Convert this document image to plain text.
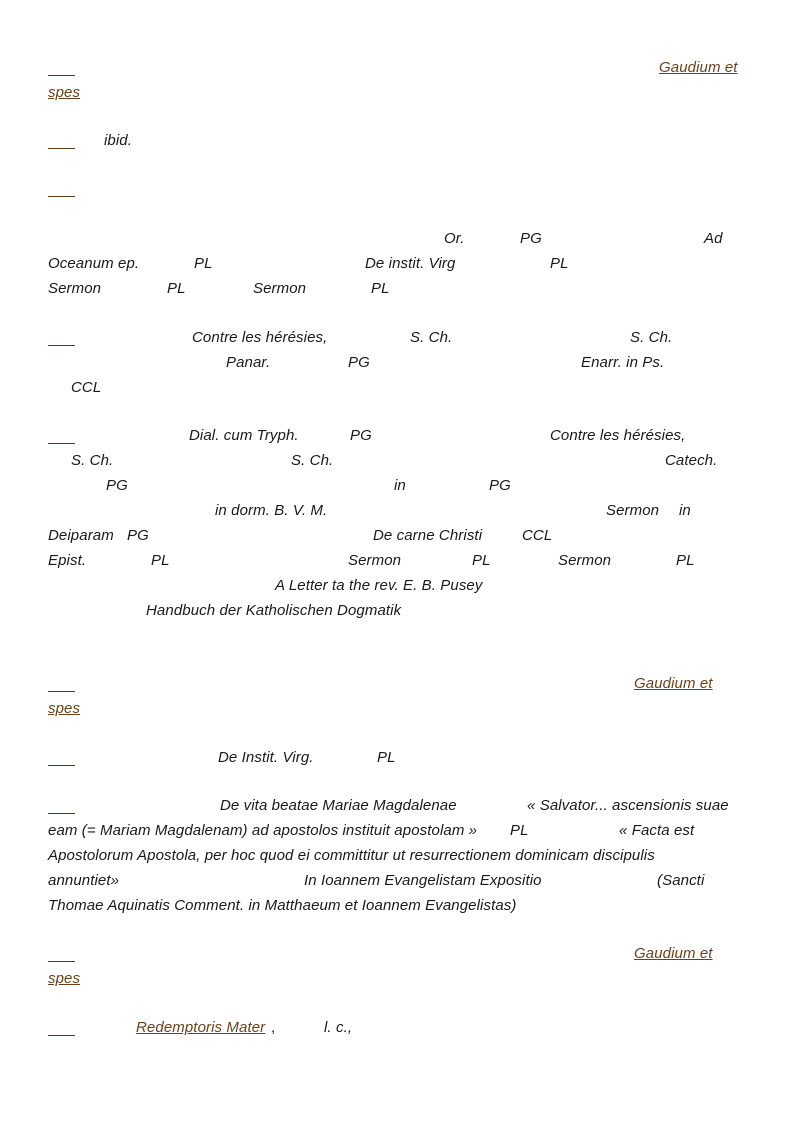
Gaudium et
spes
ibid.
Or.	PG	Ad
Oceanum ep.	PL	De instit. Virg	PL
Sermon	PL	Sermon	PL
Contre les hérésies,	S. Ch.	S. Ch.
Panar.	PG	Enarr. in Ps.
CCL
Dial. cum Tryph.	PG	Contre les hérésies,
S. Ch.	S. Ch.	Catech.
PG	in	PG
in dorm. B. V. M.	Sermon in
Deiparam PG	De carne Christi	CCL
Epist.	PL	Sermon	PL	Sermon	PL
A Letter ta the rev. E. B. Pusey
Handbuch der Katholischen Dogmatik
Gaudium et
spes
De Instit. Virg.	PL
De vita beatae Mariae Magdalenae	« Salvator... ascensionis suae
eam (= Mariam Magdalenam) ad apostolos instituit apostolam » PL	« Facta est
Apostolorum Apostola, per hoc quod ei committitur ut resurrectionem dominicam discipulis
annuntiet»	In Ioannem Evangelistam Expositio	(Sancti
Thomae Aquinatis Comment. in Matthaeum et Ioannem Evangelistas)
Gaudium et
spes
Redemptoris Mater ,	l. c.,
